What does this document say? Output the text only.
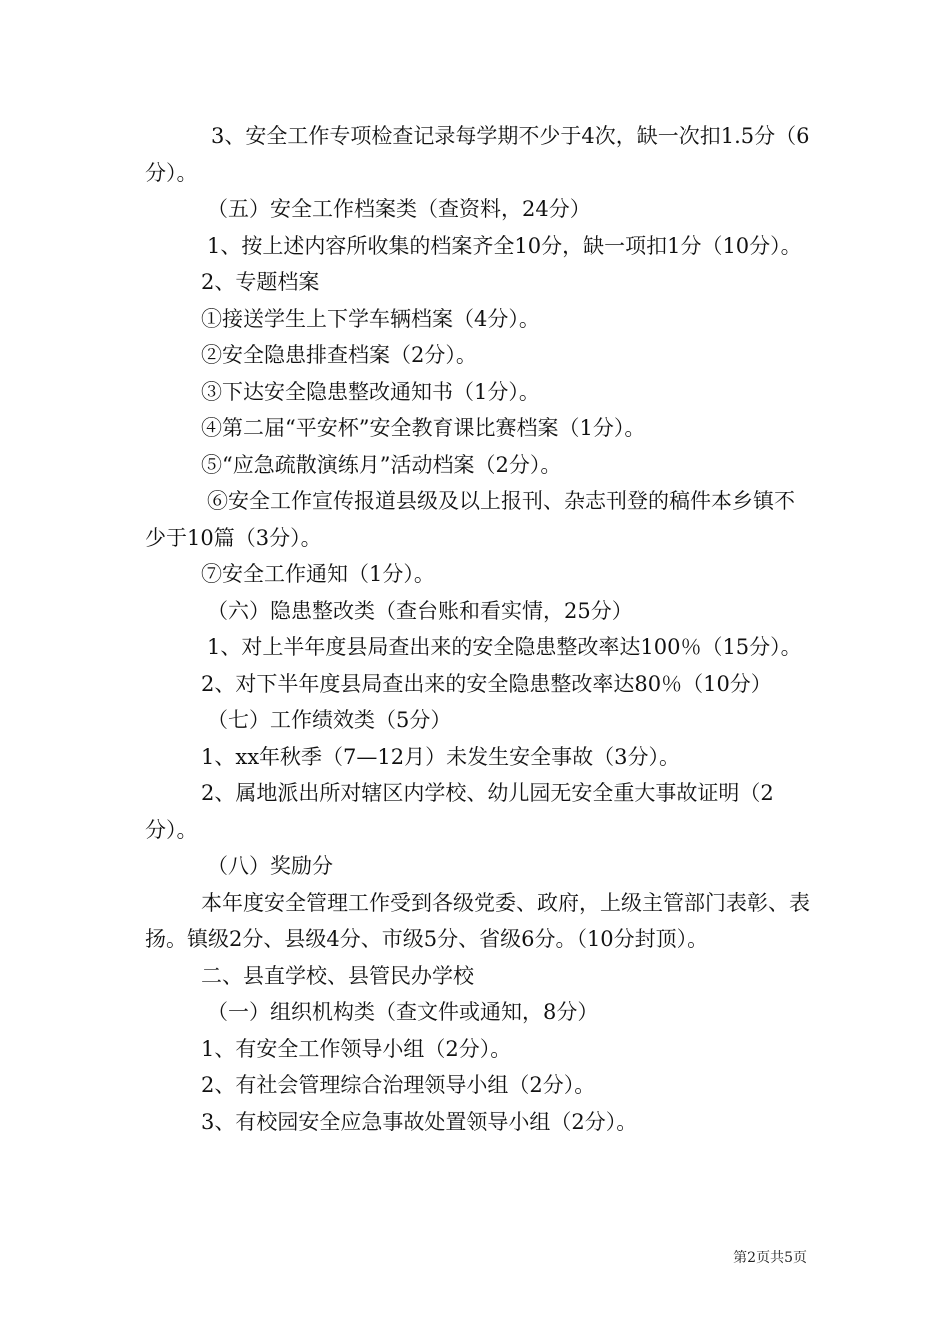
3、安全工作专项检查记录每学期不少于4次，缺一次扣1.5分（6分）。

（五）安全工作档案类（查资料，24分）

1、按上述内容所收集的档案齐全10分，缺一项扣1分（10分）。

2、专题档案

①接送学生上下学车辆档案（4分）。

②安全隐患排查档案（2分）。

③下达安全隐患整改通知书（1分）。

④第二届“平安杯”安全教育课比赛档案（1分）。

⑤“应急疏散演练月”活动档案（2分）。

⑥安全工作宣传报道县级及以上报刊、杂志刊登的稿件本乡镇不少于10篇（3分）。

⑦安全工作通知（1分）。

（六）隐患整改类（查台账和看实情，25分）

1、对上半年度县局查出来的安全隐患整改率达100％（15分）。

2、对下半年度县局查出来的安全隐患整改率达80％（10分）

（七）工作绩效类（5分）

1、xx年秋季（7—12月）未发生安全事故（3分）。

2、属地派出所对辖区内学校、幼儿园无安全重大事故证明（2分）。

（八）奖励分

本年度安全管理工作受到各级党委、政府，上级主管部门表彰、表扬。镇级2分、县级4分、市级5分、省级6分。（10分封顶）。

二、县直学校、县管民办学校

（一）组织机构类（查文件或通知，8分）

1、有安全工作领导小组（2分）。

2、有社会管理综合治理领导小组（2分）。

3、有校园安全应急事故处置领导小组（2分）。

第2页共5页
